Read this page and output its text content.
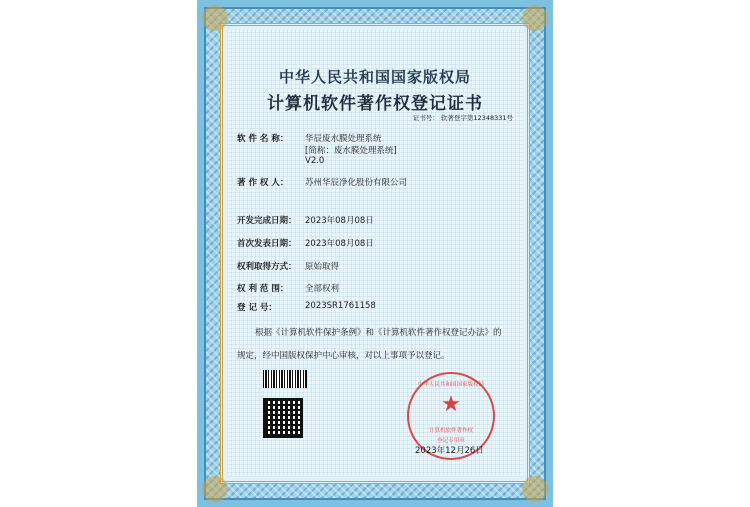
中华人民共和国国家版权局
计算机软件著作权登记证书
证书号： 软著登字第12348331号
软 件 名 称： 华辰废水膜处理系统
[简称：废水膜处理系统]
V2.0
著 作 权 人： 苏州华辰净化股份有限公司
开发完成日期： 2023年08月08日
首次发表日期： 2023年08月08日
权利取得方式： 原始取得
权 利 范 围： 全部权利
登 记 号：	2023SR1761158
根据《计算机软件保护条例》和《计算机软件著作权登记办法》的
规定，经中国版权保护中心审核，对以上事项予以登记。
中华人民共和国国家版权局
★
计算机软件著作权
登记专用章
2023年12月26日
